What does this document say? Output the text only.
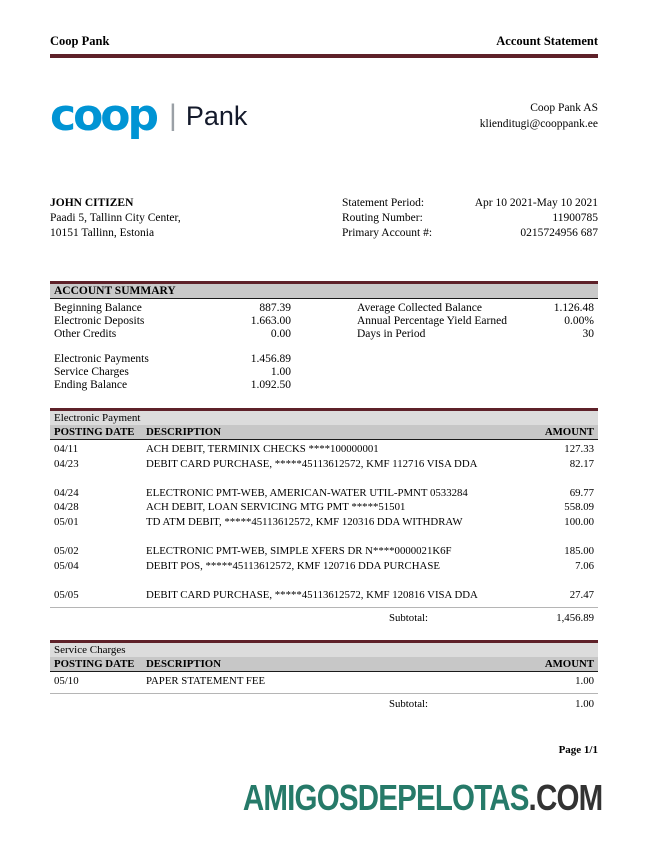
Coop Pank	Account Statement
coop | Pank	Coop Pank AS
klienditugi@cooppank.ee
JOHN CITIZEN
Paadi 5, Tallinn City Center,
10151 Tallinn, Estonia
Statement Period:	Apr 10 2021-May 10 2021
Routing Number:	11900785
Primary Account #:	0215724956 687
ACCOUNT SUMMARY
Beginning Balance	887.39
Electronic Deposits	1.663.00
Other Credits	0.00

Electronic Payments	1.456.89
Service Charges	1.00
Ending Balance	1.092.50
Average Collected Balance	1.126.48
Annual Percentage Yield Earned	0.00%
Days in Period	30
Electronic Payment
POSTING DATE	DESCRIPTION	AMOUNT
04/11	ACH DEBIT, TERMINIX CHECKS ****100000001	127.33
04/23	DEBIT CARD PURCHASE, *****45113612572, KMF 112716 VISA DDA	82.17
04/24	ELECTRONIC PMT-WEB, AMERICAN-WATER UTIL-PMNT 0533284	69.77
04/28	ACH DEBIT, LOAN SERVICING MTG PMT *****51501	558.09
05/01	TD ATM DEBIT, *****45113612572, KMF 120316 DDA WITHDRAW	100.00
05/02	ELECTRONIC PMT-WEB, SIMPLE XFERS DR N****0000021K6F	185.00
05/04	DEBIT POS, *****45113612572, KMF 120716 DDA PURCHASE	7.06
05/05	DEBIT CARD PURCHASE, *****45113612572, KMF 120816 VISA DDA	27.47
Subtotal:	1,456.89
Service Charges
POSTING DATE	DESCRIPTION	AMOUNT
05/10	PAPER STATEMENT FEE	1.00
Subtotal:	1.00
Page 1/1
AMIGOSDEPELOTAS.COM
